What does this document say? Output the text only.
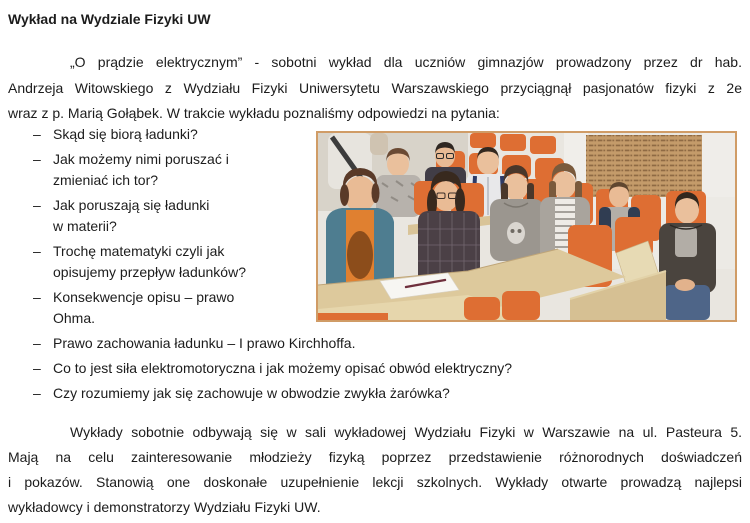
Wykład na Wydziale Fizyki UW
„O prądzie elektrycznym” - sobotni wykład dla uczniów gimnazjów prowadzony przez dr hab.
Andrzeja Witowskiego z Wydziału Fizyki Uniwersytetu Warszawskiego przyciągnął pasjonatów fizyki z 2e
wraz z p. Marią Gołąbek. W trakcie wykładu poznaliśmy odpowiedzi na pytania:
– Skąd się biorą ładunki?
– Jak możemy nimi poruszać i
zmieniać ich tor?
– Jak poruszają się ładunki
w materii?
– Trochę matematyki czyli jak
opisujemy przepływ ładunków?
– Konsekwencje opisu – prawo
Ohma.
– Prawo zachowania ładunku – I prawo Kirchhoffa.
– Co to jest siła elektromotoryczna i jak możemy opisać obwód elektryczny?
– Czy rozumiemy jak się zachowuje w obwodzie zwykła żarówka?
Wykłady sobotnie odbywają się w sali wykładowej Wydziału Fizyki w Warszawie na ul. Pasteura 5.
Mają na celu zainteresowanie młodzieży fizyką poprzez przedstawienie różnorodnych doświadczeń
i pokazów. Stanowią one doskonałe uzupełnienie lekcji szkolnych. Wykłady otwarte prowadzą najlepsi
wykładowcy i demonstratorzy Wydziału Fizyki UW.
